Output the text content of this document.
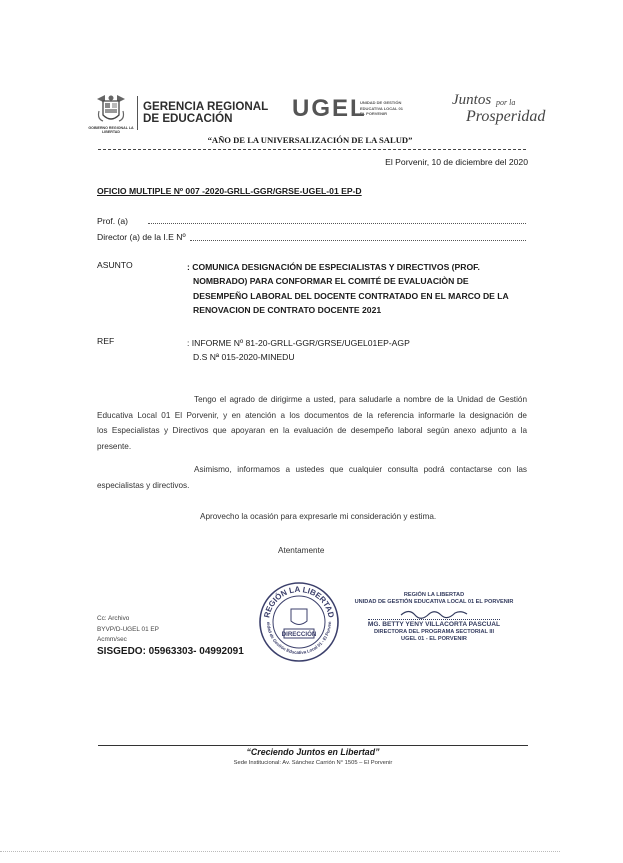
GOBIERNO REGIONAL LA LIBERTAD
GERENCIA REGIONAL
DE EDUCACIÓN	UGEL
UNIDAD DE GESTIÓN
EDUCATIVA LOCAL 01
EL PORVENIR
Juntos por la
Prosperidad
“AÑO DE LA UNIVERSALIZACIÓN DE LA SALUD”
El Porvenir, 10 de diciembre del 2020
OFICIO MULTIPLE Nº 007 -2020-GRLL-GGR/GRSE-UGEL-01 EP-D
Prof. (a)
Director (a) de la I.E Nº
ASUNTO	: COMUNICA DESIGNACIÓN DE ESPECIALISTAS Y DIRECTIVOS (PROF.
NOMBRADO) PARA CONFORMAR EL COMITÉ DE EVALUACIÒN DE
DESEMPEÑO LABORAL DEL DOCENTE CONTRATADO EN EL MARCO DE LA
RENOVACION DE CONTRATO DOCENTE 2021
REF	: INFORME Nº 81-20-GRLL-GGR/GRSE/UGEL01EP-AGP
D.S Nª 015-2020-MINEDU
Tengo el agrado de dirigirme a usted, para saludarle a nombre de la Unidad de Gestión
Educativa Local 01 El Porvenir, y en atención a los documentos de la referencia informarle la designación de
los Especialistas y Directivos que apoyaran en la evaluación de desempeño laboral según anexo adjunto a la
presente.
Asimismo, informamos a ustedes que cualquier consulta podrá contactarse con las
especialistas y directivos.
Aprovecho la ocasión para expresarle mi consideración y estima.
Atentamente
REGIÓN LA LIBERTAD
nidad de Gestión Educativa Local 01 - El Porven
DIRECCIÓN
REGIÓN LA LIBERTAD
UNIDAD DE GESTIÓN EDUCATIVA LOCAL 01 EL PORVENIR
MG. BETTY YENY VILLACORTA PASCUAL
DIRECTORA DEL PROGRAMA SECTORIAL III
UGEL 01 - EL PORVENIR
Cc: Archivo
BYVP/D-UGEL 01 EP
Acmm/sec
SISGEDO: 05963303- 04992091
“Creciendo Juntos en Libertad”
Sede Institucional: Av. Sánchez Carrión N° 1505 – El Porvenir
